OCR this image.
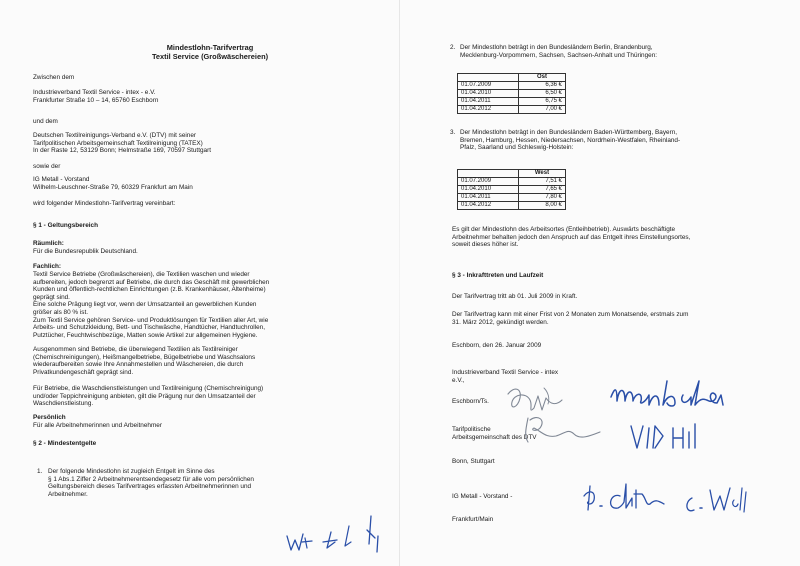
Mindestlohn-Tarifvertrag
Textil Service (Großwäschereien)
Zwischen dem
Industrieverband Textil Service - intex - e.V.
Frankfurter Straße 10 – 14, 65760 Eschborn
und dem
Deutschen Textilreinigungs-Verband e.V. (DTV) mit seiner
Tarifpolitischen Arbeitsgemeinschaft Textilreinigung (TATEX)
In der Raste 12, 53129 Bonn; Helmstraße 169, 70597 Stuttgart
sowie der
IG Metall - Vorstand
Wilhelm-Leuschner-Straße 79, 60329 Frankfurt am Main
wird folgender Mindestlohn-Tarifvertrag vereinbart:
§ 1 - Geltungsbereich
Räumlich:
Für die Bundesrepublik Deutschland.
Fachlich:
Textil Service Betriebe (Großwäschereien), die Textilien waschen und wieder
aufbereiten, jedoch begrenzt auf Betriebe, die durch das Geschäft mit gewerblichen
Kunden und öffentlich-rechtlichen Einrichtungen (z.B. Krankenhäuser, Altenheime)
geprägt sind.
Eine solche Prägung liegt vor, wenn der Umsatzanteil an gewerblichen Kunden
größer als 80 % ist.
Zum Textil Service gehören Service- und Produktlösungen für Textilien aller Art, wie
Arbeits- und Schutzkleidung, Bett- und Tischwäsche, Handtücher, Handtuchrollen,
Putztücher, Feuchtwischbezüge, Matten sowie Artikel zur allgemeinen Hygiene.
Ausgenommen sind Betriebe, die überwiegend Textilien als Textilreiniger
(Chemischreinigungen), Heißmangelbetriebe, Bügelbetriebe und Waschsalons
wiederaufbereiten sowie Ihre Annahmestellen und Wäschereien, die durch
Privatkundengeschäft geprägt sind.
Für Betriebe, die Waschdienstleistungen und Textilreinigung (Chemischreinigung)
und/oder Teppichreinigung anbieten, gilt die Prägung nur den Umsatzanteil der
Waschdienstleistung.
Persönlich
Für alle Arbeitnehmerinnen und Arbeitnehmer
§ 2 - Mindestentgelte
1. Der folgende Mindestlohn ist zugleich Entgelt im Sinne des
§ 1 Abs.1 Ziffer 2 Arbeitnehmerentsendegesetz für alle vom persönlichen
Geltungsbereich dieses Tarifvertrages erfassten Arbeitnehmerinnen und
Arbeitnehmer.
2. Der Mindestlohn beträgt in den Bundesländern Berlin, Brandenburg,
Mecklenburg-Vorpommern, Sachsen, Sachsen-Anhalt und Thüringen:
	Ost
01.07.2009	6,36 €
01.04.2010	6,50 €
01.04.2011	6,75 €
01.04.2012	7,00 €
3. Der Mindestlohn beträgt in den Bundesländern Baden-Württemberg, Bayern,
Bremen, Hamburg, Hessen, Niedersachsen, Nordrhein-Westfalen, Rheinland-
Pfalz, Saarland und Schleswig-Holstein:
	West
01.07.2009	7,51 €
01.04.2010	7,65 €
01.04.2011	7,80 €
01.04.2012	8,00 €
Es gilt der Mindestlohn des Arbeitsortes (Entleihbetrieb). Auswärts beschäftigte
Arbeitnehmer behalten jedoch den Anspruch auf das Entgelt ihres Einstellungsortes,
soweit dieses höher ist.
§ 3 - Inkrafttreten und Laufzeit
Der Tarifvertrag tritt ab 01. Juli 2009 in Kraft.
Der Tarifvertrag kann mit einer Frist von 2 Monaten zum Monatsende, erstmals zum
31. März 2012, gekündigt werden.
Eschborn, den 26. Januar 2009
Industrieverband Textil Service - intex
e.V.,
Eschborn/Ts.
Tarifpolitische
Arbeitsgemeinschaft des DTV
Bonn, Stuttgart
IG Metall - Vorstand -
Frankfurt/Main
